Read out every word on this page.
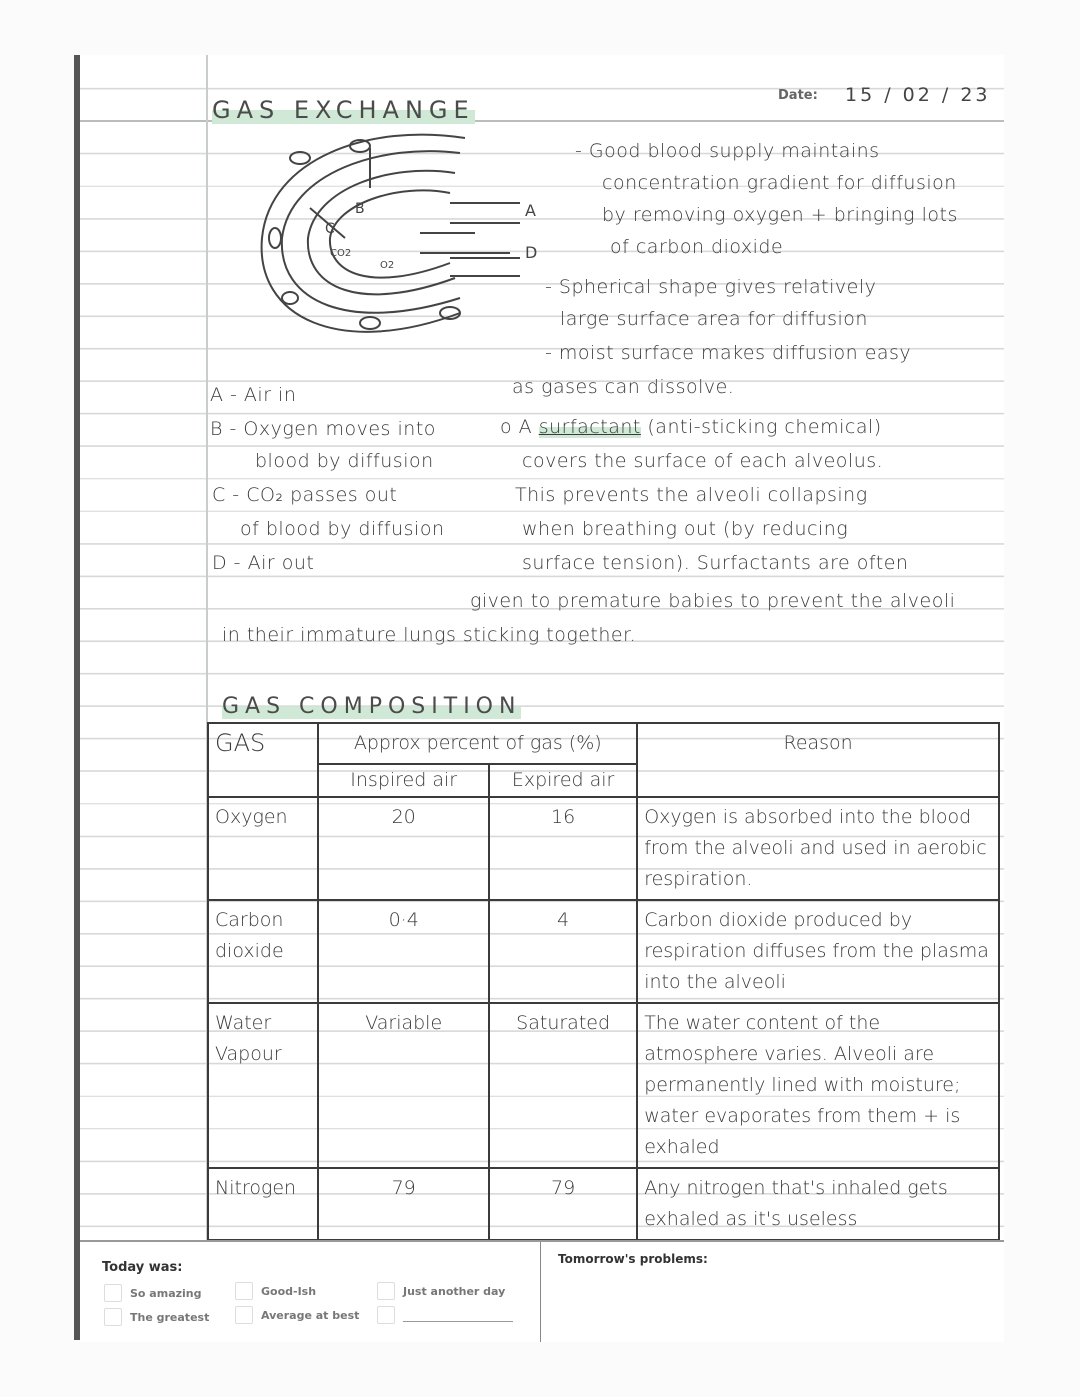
GAS EXCHANGE
Date: 15 / 02 / 23
B
C
A
D
CO2
O2
- Good blood supply maintains
concentration gradient for diffusion
by removing oxygen + bringing lots
of carbon dioxide
- Spherical shape gives relatively
large surface area for diffusion
- moist surface makes diffusion easy
as gases can dissolve.
A - Air in
B - Oxygen moves into
blood by diffusion
C - CO₂ passes out
of blood by diffusion
D - Air out
o A surfactant (anti-sticking chemical)
covers the surface of each alveolus.
This prevents the alveoli collapsing
when breathing out (by reducing
surface tension). Surfactants are often
given to premature babies to prevent the alveoli
in their immature lungs sticking together.
GAS COMPOSITION
GAS	Approx percent of gas (%)		Reason
	Inspired air	Expired air	
Oxygen	20	16	Oxygen is absorbed into the blood from the alveoli and used in aerobic respiration.
Carbon dioxide	0·4	4	Carbon dioxide produced by respiration diffuses from the plasma into the alveoli
Water Vapour	Variable	Saturated	The water content of the atmosphere varies. Alveoli are permanently lined with moisture; water evaporates from them + is exhaled
Nitrogen	79	79	Any nitrogen that's inhaled gets exhaled as it's useless
Today was:
So amazing
The greatest
Good-Ish
Average at best
Just another day
Tomorrow's problems:
